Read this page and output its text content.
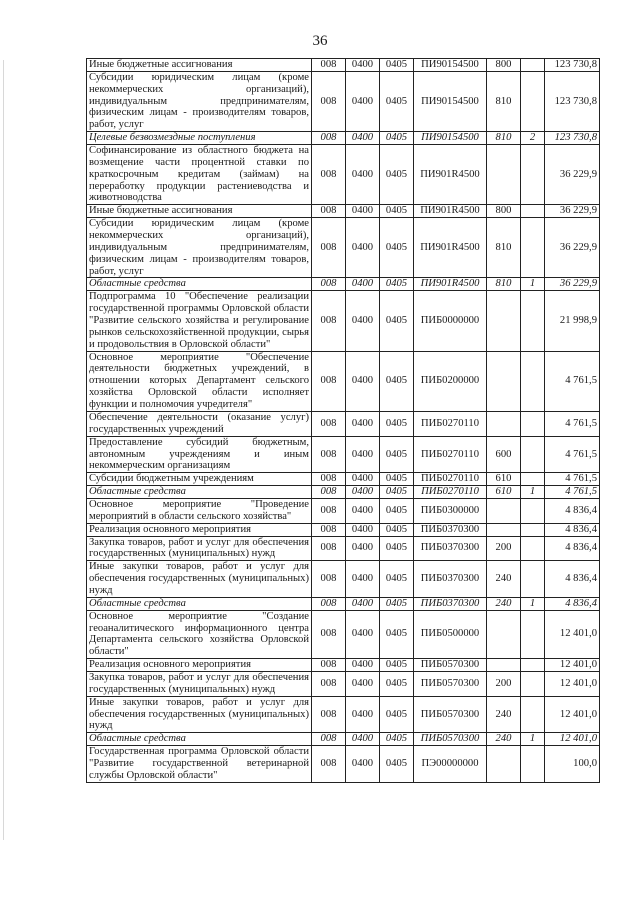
36
Иные бюджетные ассигнования	008	0400	0405	ПИ90154500	800		123 730,8
Субсидии юридическим лицам (кроме некоммерческих организаций), индивидуальным предпринимателям, физическим лицам - производителям товаров, работ, услуг	008	0400	0405	ПИ90154500	810		123 730,8
Целевые безвозмездные поступления	008	0400	0405	ПИ90154500	810	2	123 730,8
Софинансирование из областного бюджета на возмещение части процентной ставки по краткосрочным кредитам (займам) на переработку продукции растениеводства и животноводства	008	0400	0405	ПИ901R4500			36 229,9
Иные бюджетные ассигнования	008	0400	0405	ПИ901R4500	800		36 229,9
Субсидии юридическим лицам (кроме некоммерческих организаций), индивидуальным предпринимателям, физическим лицам - производителям товаров, работ, услуг	008	0400	0405	ПИ901R4500	810		36 229,9
Областные средства	008	0400	0405	ПИ901R4500	810	1	36 229,9
Подпрограмма 10 "Обеспечение реализации государственной программы Орловской области "Развитие сельского хозяйства и регулирование рынков сельскохозяйственной продукции, сырья и продовольствия в Орловской области"	008	0400	0405	ПИБ0000000			21 998,9
Основное мероприятие "Обеспечение деятельности бюджетных учреждений, в отношении которых Департамент сельского хозяйства Орловской области исполняет функции и полномочия учредителя"	008	0400	0405	ПИБ0200000			4 761,5
Обеспечение деятельности (оказание услуг) государственных учреждений	008	0400	0405	ПИБ0270110			4 761,5
Предоставление субсидий бюджетным, автономным учреждениям и иным некоммерческим организациям	008	0400	0405	ПИБ0270110	600		4 761,5
Субсидии бюджетным учреждениям	008	0400	0405	ПИБ0270110	610		4 761,5
Областные средства	008	0400	0405	ПИБ0270110	610	1	4 761,5
Основное мероприятие "Проведение мероприятий в области сельского хозяйства"	008	0400	0405	ПИБ0300000			4 836,4
Реализация основного мероприятия	008	0400	0405	ПИБ0370300			4 836,4
Закупка товаров, работ и услуг для обеспечения государственных (муниципальных) нужд	008	0400	0405	ПИБ0370300	200		4 836,4
Иные закупки товаров, работ и услуг для обеспечения государственных (муниципальных) нужд	008	0400	0405	ПИБ0370300	240		4 836,4
Областные средства	008	0400	0405	ПИБ0370300	240	1	4 836,4
Основное мероприятие "Создание геоаналитического информационного центра Департамента сельского хозяйства Орловской области"	008	0400	0405	ПИБ0500000			12 401,0
Реализация основного мероприятия	008	0400	0405	ПИБ0570300			12 401,0
Закупка товаров, работ и услуг для обеспечения государственных (муниципальных) нужд	008	0400	0405	ПИБ0570300	200		12 401,0
Иные закупки товаров, работ и услуг для обеспечения государственных (муниципальных) нужд	008	0400	0405	ПИБ0570300	240		12 401,0
Областные средства	008	0400	0405	ПИБ0570300	240	1	12 401,0
Государственная программа Орловской области "Развитие государственной ветеринарной службы Орловской области"	008	0400	0405	ПЭ00000000			100,0
